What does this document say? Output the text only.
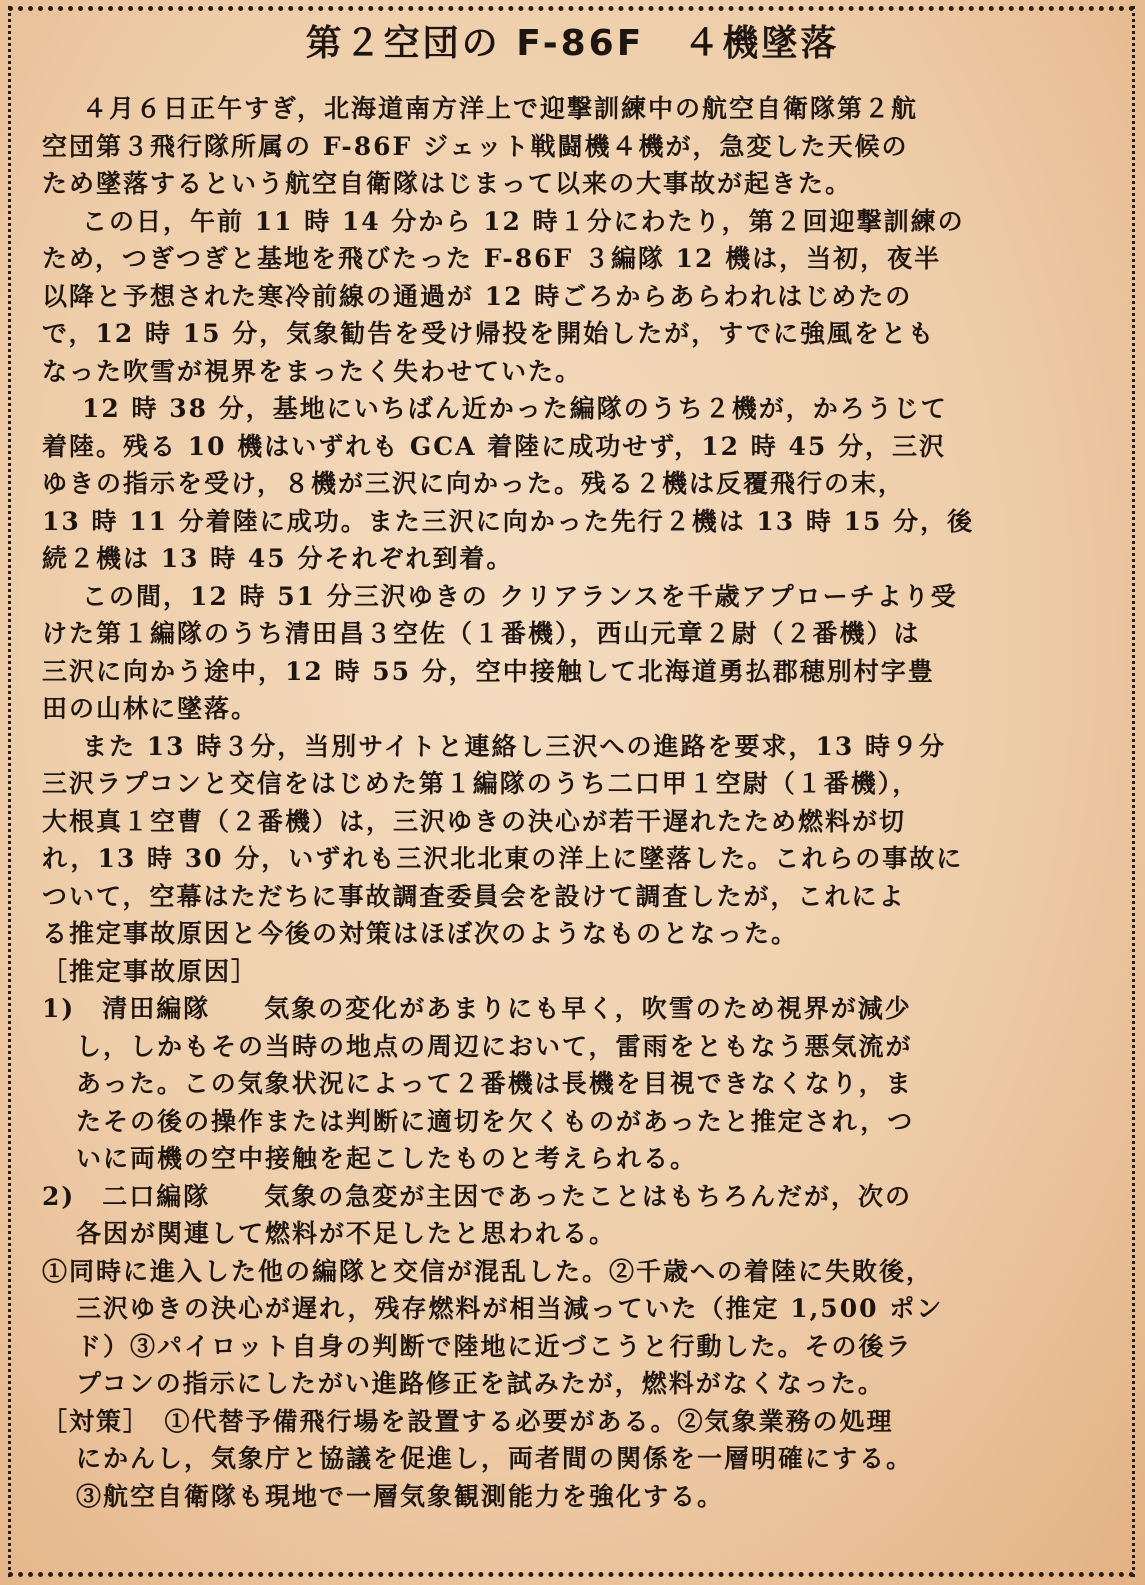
第２空団の F-86F　４機墜落
４月６日正午すぎ，北海道南方洋上で迎撃訓練中の航空自衛隊第２航
空団第３飛行隊所属の F-86F ジェット戦闘機４機が，急変した天候の
ため墜落するという航空自衛隊はじまって以来の大事故が起きた。
この日，午前 11 時 14 分から 12 時１分にわたり，第２回迎撃訓練の
ため，つぎつぎと基地を飛びたった F-86F ３編隊 12 機は，当初，夜半
以降と予想された寒冷前線の通過が 12 時ごろからあらわれはじめたの
で，12 時 15 分，気象勧告を受け帰投を開始したが，すでに強風をとも
なった吹雪が視界をまったく失わせていた。
12 時 38 分，基地にいちばん近かった編隊のうち２機が，かろうじて
着陸。残る 10 機はいずれも GCA 着陸に成功せず，12 時 45 分，三沢
ゆきの指示を受け，８機が三沢に向かった。残る２機は反覆飛行の末，
13 時 11 分着陸に成功。また三沢に向かった先行２機は 13 時 15 分，後
続２機は 13 時 45 分それぞれ到着。
この間，12 時 51 分三沢ゆきの クリアランスを千歳アプローチより受
けた第１編隊のうち清田昌３空佐（１番機），西山元章２尉（２番機）は
三沢に向かう途中，12 時 55 分，空中接触して北海道勇払郡穂別村字豊
田の山林に墜落。
また 13 時３分，当別サイトと連絡し三沢への進路を要求，13 時９分
三沢ラプコンと交信をはじめた第１編隊のうち二口甲１空尉（１番機），
大根真１空曹（２番機）は，三沢ゆきの決心が若干遅れたため燃料が切
れ，13 時 30 分，いずれも三沢北北東の洋上に墜落した。これらの事故に
ついて，空幕はただちに事故調査委員会を設けて調査したが，これによ
る推定事故原因と今後の対策はほぼ次のようなものとなった。
［推定事故原因］
1)　清田編隊　　気象の変化があまりにも早く，吹雪のため視界が減少
し，しかもその当時の地点の周辺において，雷雨をともなう悪気流が
あった。この気象状況によって２番機は長機を目視できなくなり，ま
たその後の操作または判断に適切を欠くものがあったと推定され，つ
いに両機の空中接触を起こしたものと考えられる。
2)　二口編隊　　気象の急変が主因であったことはもちろんだが，次の
各因が関連して燃料が不足したと思われる。
①同時に進入した他の編隊と交信が混乱した。②千歳への着陸に失敗後，
三沢ゆきの決心が遅れ，残存燃料が相当減っていた（推定 1,500 ポン
ド）③パイロット自身の判断で陸地に近づこうと行動した。その後ラ
プコンの指示にしたがい進路修正を試みたが，燃料がなくなった。
［対策］　①代替予備飛行場を設置する必要がある。②気象業務の処理
にかんし，気象庁と協議を促進し，両者間の関係を一層明確にする。
③航空自衛隊も現地で一層気象観測能力を強化する。
